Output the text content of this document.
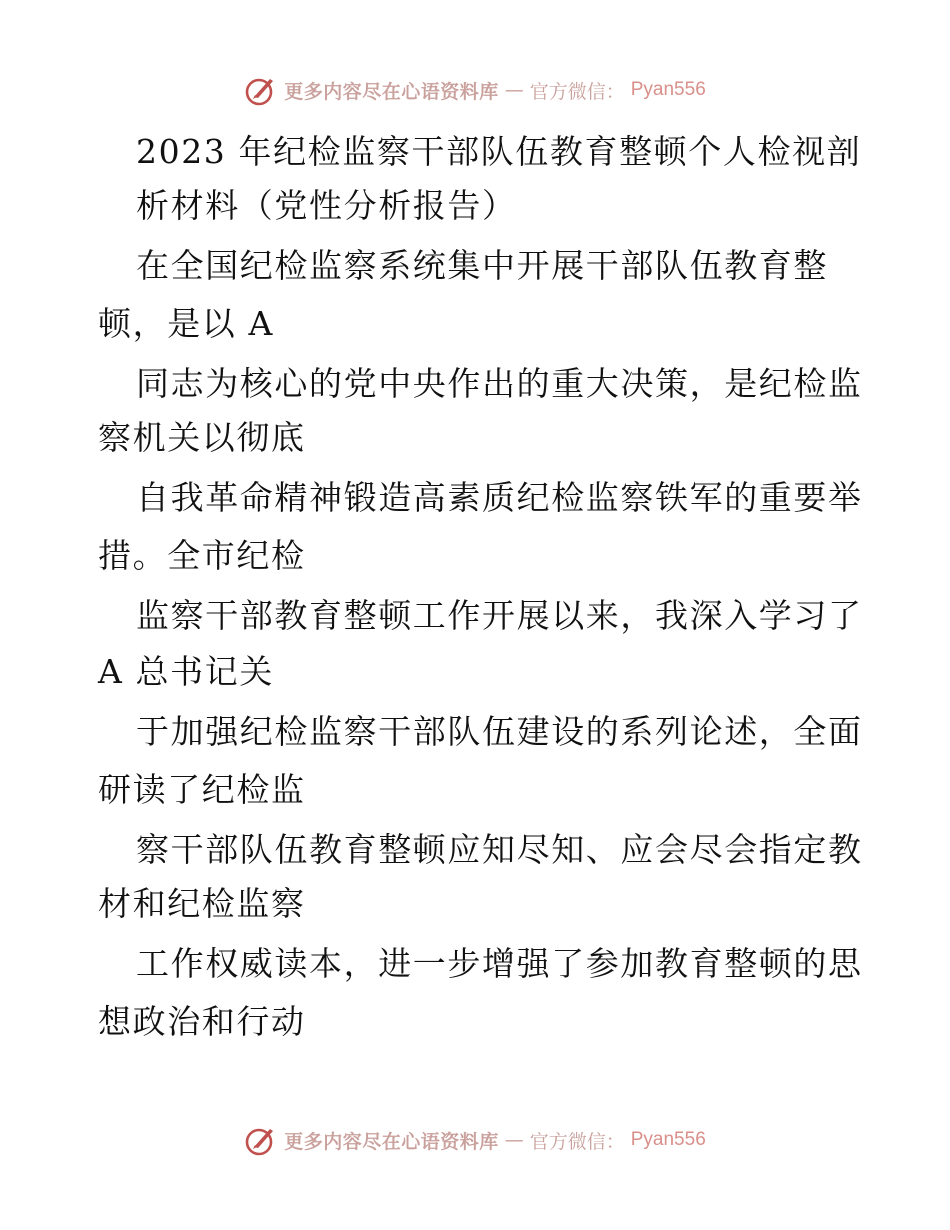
更多内容尽在心语资料库 — 官方微信： Pyan556
2023 年纪检监察干部队伍教育整顿个人检视剖
析材料（党性分析报告）
在全国纪检监察系统集中开展干部队伍教育整
顿，是以 A
同志为核心的党中央作出的重大决策，是纪检监
察机关以彻底
自我革命精神锻造高素质纪检监察铁军的重要举
措。全市纪检
监察干部教育整顿工作开展以来，我深入学习了
A 总书记关
于加强纪检监察干部队伍建设的系列论述，全面
研读了纪检监
察干部队伍教育整顿应知尽知、应会尽会指定教
材和纪检监察
工作权威读本，进一步增强了参加教育整顿的思
想政治和行动
更多内容尽在心语资料库 — 官方微信： Pyan556
